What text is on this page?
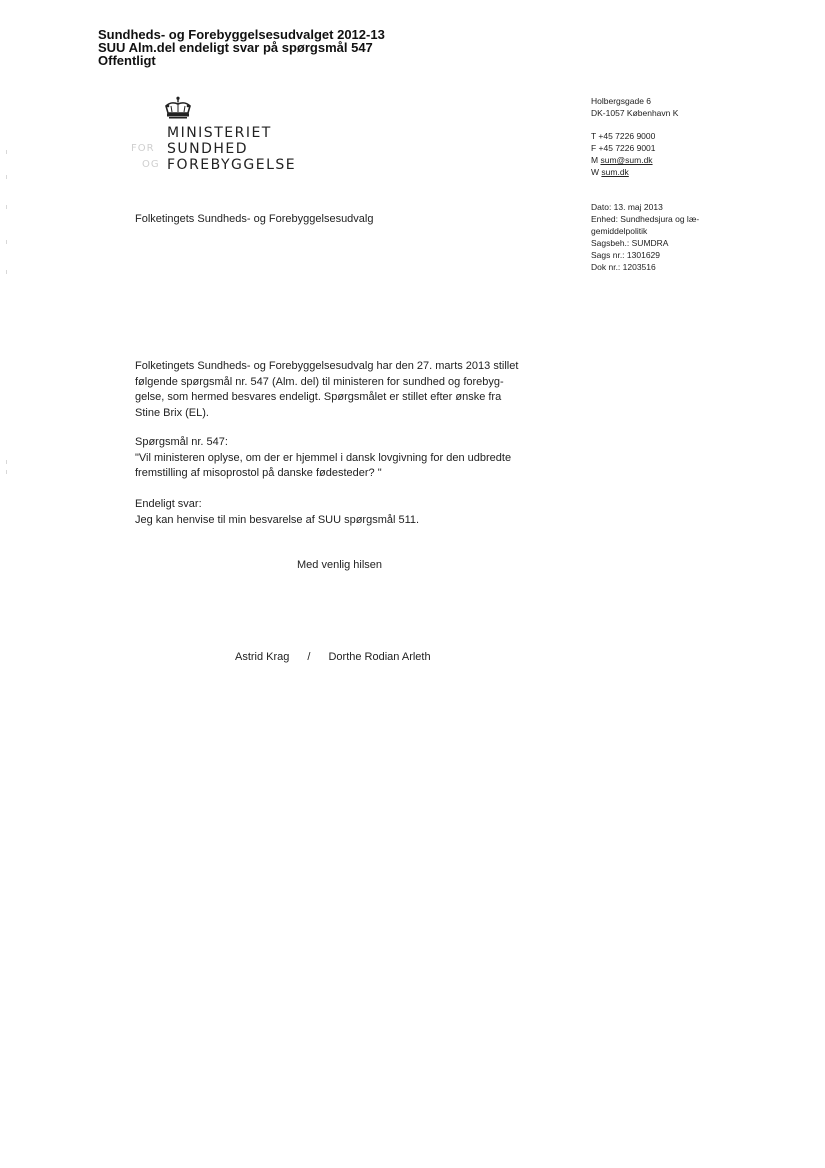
Sundheds- og Forebyggelsesudvalget 2012-13
SUU Alm.del endeligt svar på spørgsmål 547
Offentligt
MINISTERIET
FOR SUNDHED
OG FOREBYGGELSE
Holbergsgade 6
DK-1057 København K
T +45 7226 9000
F +45 7226 9001
M sum@sum.dk
W sum.dk
Dato: 13. maj 2013
Enhed: Sundhedsjura og læ-
gemiddelpolitik
Sagsbeh.: SUMDRA
Sags nr.: 1301629
Dok nr.: 1203516
Folketingets Sundheds- og Forebyggelsesudvalg
Folketingets Sundheds- og Forebyggelsesudvalg har den 27. marts 2013 stillet
følgende spørgsmål nr. 547 (Alm. del) til ministeren for sundhed og forebyg-
gelse, som hermed besvares endeligt. Spørgsmålet er stillet efter ønske fra
Stine Brix (EL).
Spørgsmål nr. 547:
"Vil ministeren oplyse, om der er hjemmel i dansk lovgivning for den udbredte
fremstilling af misoprostol på danske fødesteder? "
Endeligt svar:
Jeg kan henvise til min besvarelse af SUU spørgsmål 511.
Med venlig hilsen
Astrid Krag / Dorthe Rodian Arleth
